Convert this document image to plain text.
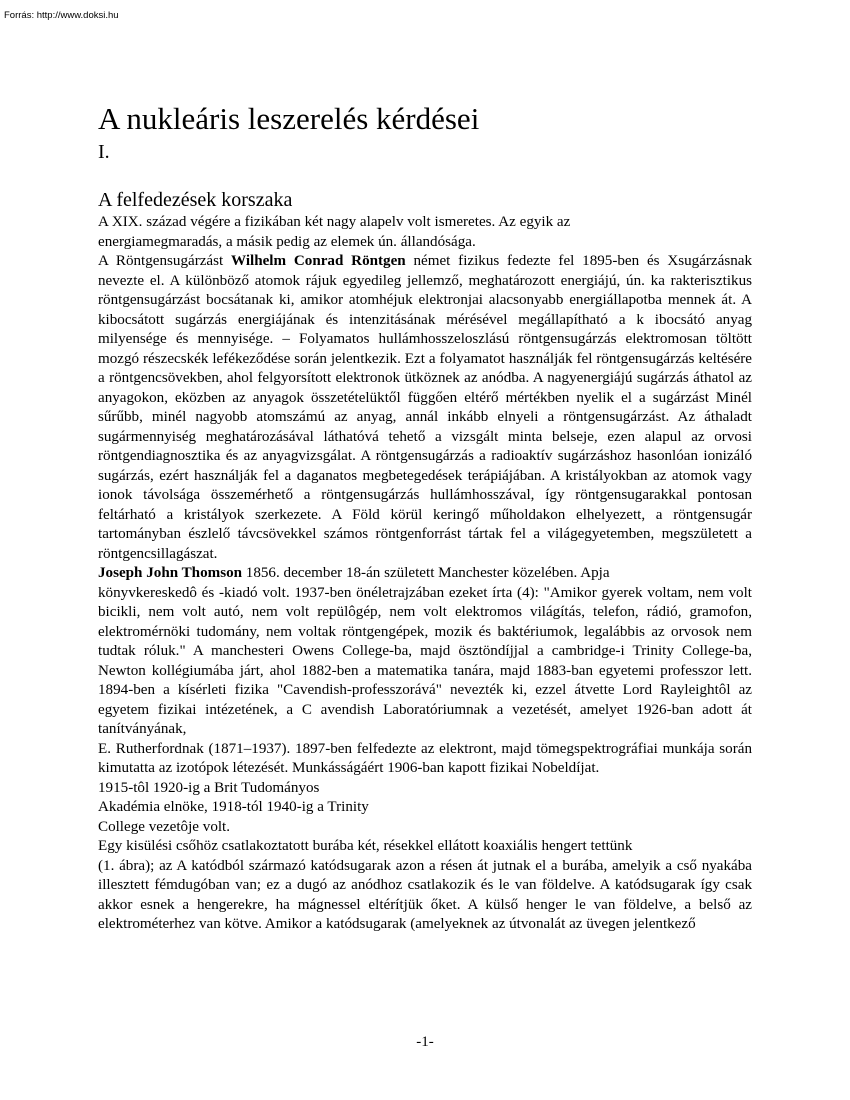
Forrás: http://www.doksi.hu
A nukleáris leszerelés kérdései
I.
A felfedezések korszaka

A XIX. század végére a fizikában két nagy alapelv volt ismeretes. Az egyik az

energiamegmaradás, a másik pedig az elemek ún. állandósága.

A Röntgensugárzást Wilhelm Conrad Röntgen német fizikus fedezte fel 1895-ben és Xsugárzásnak nevezte el. A különböző atomok rájuk egyedileg jellemző, meghatározott energiájú, ún. ka rakterisztikus röntgensugárzást bocsátanak ki, amikor atomhéjuk elektronjai alacsonyabb energiállapotba mennek át. A kibocsátott sugárzás energiájának és intenzitásának mérésével megállapítható a k ibocsátó anyag milyensége és mennyisége. – Folyamatos hullámhosszeloszlású röntgensugárzás elektromosan töltött mozgó részecskék lefékeződése során jelentkezik. Ezt a folyamatot használják fel röntgensugárzás keltésére a röntgencsövekben, ahol felgyorsított elektronok ütköznek az anódba. A nagyenergiájú sugárzás áthatol az anyagokon, eközben az anyagok összetételüktől függően eltérő mértékben nyelik el a sugárzást Minél sűrűbb, minél nagyobb atomszámú az anyag, annál inkább elnyeli a röntgensugárzást. Az áthaladt sugármennyiség meghatározásával láthatóvá tehető a vizsgált minta belseje, ezen alapul az orvosi röntgendiagnosztika és az anyagvizsgálat. A röntgensugárzás a radioaktív sugárzáshoz hasonlóan ionizáló sugárzás, ezért használják fel a daganatos megbetegedések terápiájában. A kristályokban az atomok vagy ionok távolsága összemérhető a röntgensugárzás hullámhosszával, így röntgensugarakkal pontosan feltárható a kristályok szerkezete. A Föld körül keringő műholdakon elhelyezett, a röntgensugár tartományban észlelő távcsövekkel számos röntgenforrást tártak fel a világegyetemben, megszületett a röntgencsillagászat.

Joseph John Thomson 1856. december 18-án született Manchester közelében. Apja

könyvkereskedô és -kiadó volt. 1937-ben önéletrajzában ezeket írta (4): "Amikor gyerek voltam, nem volt bicikli, nem volt autó, nem volt repülôgép, nem volt elektromos világítás, telefon, rádió, gramofon, elektromérnöki tudomány, nem voltak röntgengépek, mozik és baktériumok, legalábbis az orvosok nem tudtak róluk." A manchesteri Owens College-ba, majd ösztöndíjjal a cambridge-i Trinity College-ba, Newton kollégiumába járt, ahol 1882-ben a matematika tanára, majd 1883-ban egyetemi professzor lett. 1894-ben a kísérleti fizika "Cavendish-professzorává" nevezték ki, ezzel átvette Lord Rayleightôl az egyetem fizikai intézetének, a C avendish Laboratóriumnak a vezetését, amelyet 1926-ban adott át tanítványának,

E. Rutherfordnak (1871–1937). 1897-ben felfedezte az elektront, majd tömegspektrográfiai munkája során kimutatta az izotópok létezését. Munkásságáért 1906-ban kapott fizikai Nobeldíjat.

1915-tôl 1920-ig a Brit Tudományos

Akadémia elnöke, 1918-tól 1940-ig a Trinity

College vezetôje volt.

Egy kisülési csőhöz csatlakoztatott burába két, résekkel ellátott koaxiális hengert tettünk

(1. ábra); az A katódból származó katódsugarak azon a résen át jutnak el a burába, amelyik a cső nyakába illesztett fémdugóban van; ez a dugó az anódhoz csatlakozik és le van földelve. A katódsugarak így csak akkor esnek a hengerekre, ha mágnessel eltérítjük őket. A külső henger le van földelve, a belső az elektrométerhez van kötve. Amikor a katódsugarak (amelyeknek az útvonalát az üvegen jelentkező

-1-
